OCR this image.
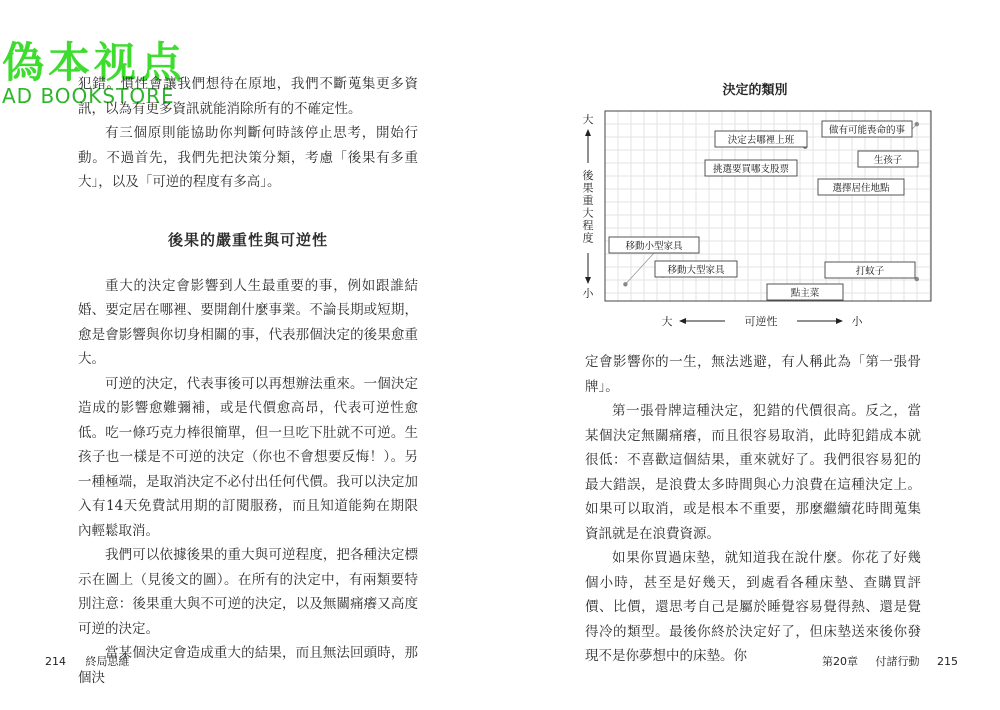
偽本视点
AD BOOKSTORE

犯錯。慣性會讓我們想待在原地，我們不斷蒐集更多資訊，以為有更多資訊就能消除所有的不確定性。

有三個原則能協助你判斷何時該停止思考，開始行動。不過首先，我們先把決策分類，考慮「後果有多重大」，以及「可逆的程度有多高」。

後果的嚴重性與可逆性

重大的決定會影響到人生最重要的事，例如跟誰結婚、要定居在哪裡、要開創什麼事業。不論長期或短期，愈是會影響與你切身相關的事，代表那個決定的後果愈重大。

可逆的決定，代表事後可以再想辦法重來。一個決定造成的影響愈難彌補，或是代價愈高昂，代表可逆性愈低。吃一條巧克力棒很簡單，但一旦吃下肚就不可逆。生孩子也一樣是不可逆的決定（你也不會想要反悔！）。另一種極端，是取消決定不必付出任何代價。我可以決定加入有14天免費試用期的訂閱服務，而且知道能夠在期限內輕鬆取消。

我們可以依據後果的重大與可逆程度，把各種決定標示在圖上（見後文的圖）。在所有的決定中，有兩類要特別注意：後果重大與不可逆的決定，以及無關痛癢又高度可逆的決定。

當某個決定會造成重大的結果，而且無法回頭時，那個決

214 終局思維
決定的類別
大
後果重大程度
小
大	可逆性	小
做有可能喪命的事
決定去哪裡上班
生孩子
挑選要買哪支股票
選擇居住地點
移動小型家具
移動大型家具	打蚊子
點主菜

定會影響你的一生，無法逃避，有人稱此為「第一張骨牌」。

第一張骨牌這種決定，犯錯的代價很高。反之，當某個決定無關痛癢，而且很容易取消，此時犯錯成本就很低：不喜歡這個結果，重來就好了。我們很容易犯的最大錯誤，是浪費太多時間與心力浪費在這種決定上。如果可以取消，或是根本不重要，那麼繼續花時間蒐集資訊就是在浪費資源。

如果你買過床墊，就知道我在說什麼。你花了好幾個小時，甚至是好幾天，到處看各種床墊、查購買評價、比價，還思考自己是屬於睡覺容易覺得熱、還是覺得冷的類型。最後你終於決定好了，但床墊送來後你發現不是你夢想中的床墊。你	第20章 付諸行動 215
